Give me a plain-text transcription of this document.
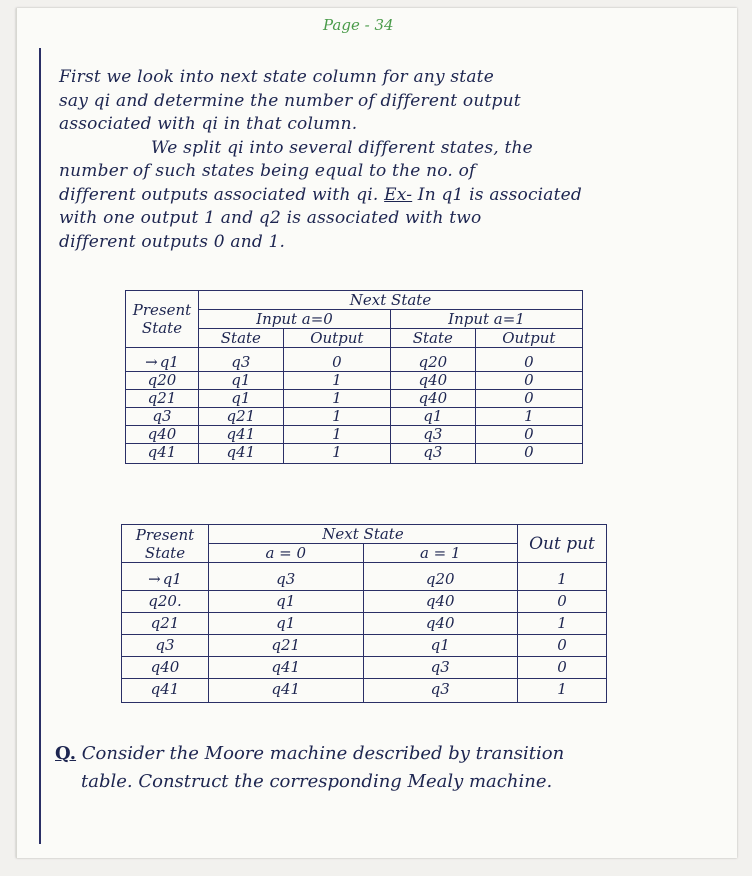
Page - 34

First we look into next state column for any state

say qi and determine the number of different output

associated with qi in that column.

We split qi into several different states, the

number of such states being equal to the no. of

different outputs associated with qi. Ex- In q1 is associated

with one output 1 and q2 is associated with two

different outputs 0 and 1.

Present State	Next State			
	Input a=0		Input a=1	
	State	Output	State	Output
→ q1	q3	0	q20	0
q20	q1	1	q40	0
q21	q1	1	q40	0
q3	q21	1	q1	1
q40	q41	1	q3	0
q41	q41	1	q3	0
Present State	Next State		Out put
	a = 0	a = 1	
→ q1	q3	q20	1
q20.	q1	q40	0
q21	q1	q40	1
q3	q21	q1	0
q40	q41	q3	0
q41	q41	q3	1

Q. Consider the Moore machine described by transition

table. Construct the corresponding Mealy machine.
